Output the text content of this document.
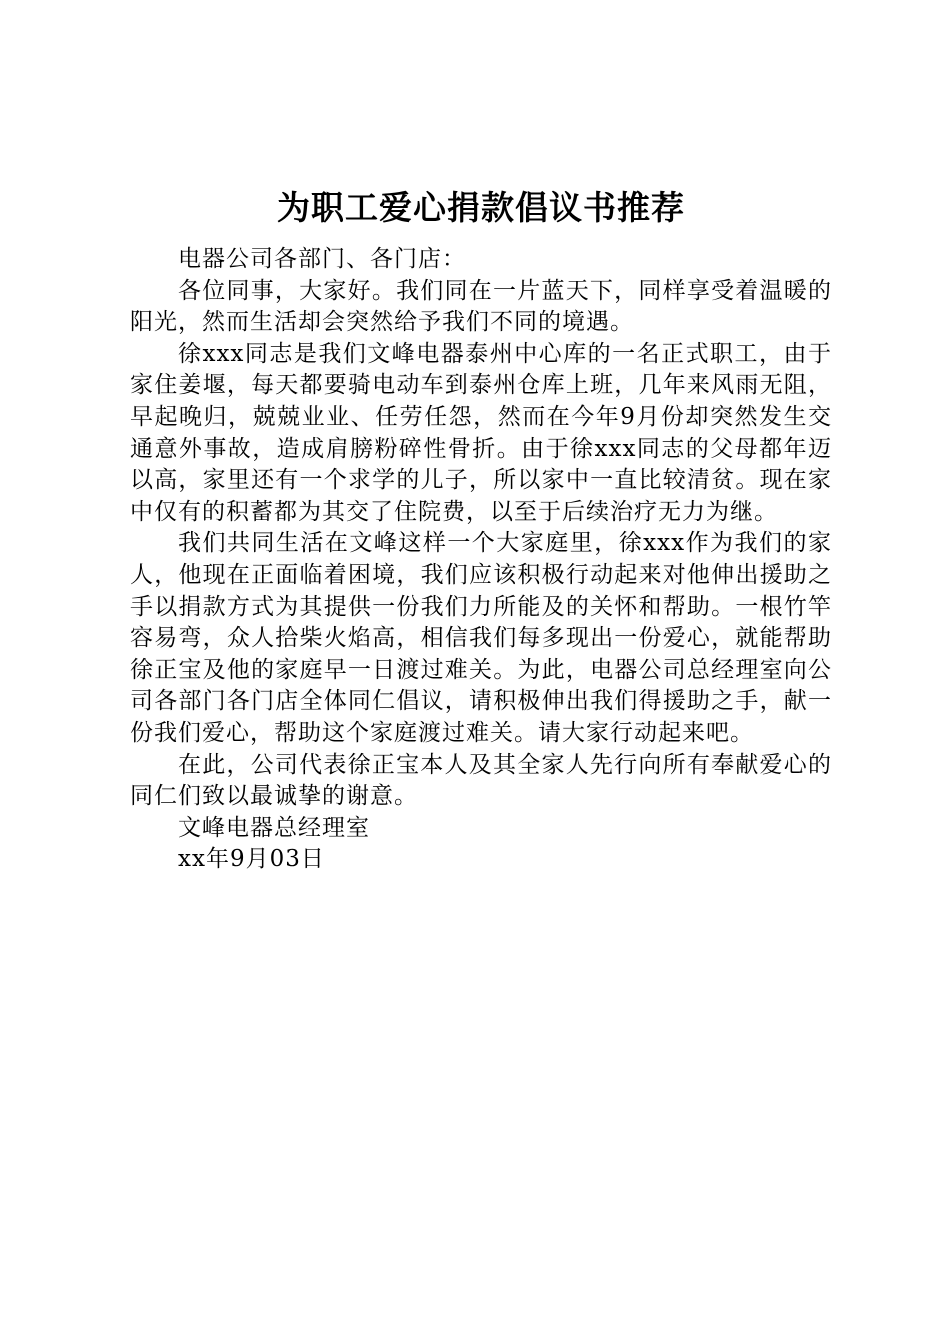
为职工爱心捐款倡议书推荐

电器公司各部门、各门店：

各位同事，大家好。我们同在一片蓝天下，同样享受着温暖的阳光，然而生活却会突然给予我们不同的境遇。

徐xxx同志是我们文峰电器泰州中心库的一名正式职工，由于家住姜堰，每天都要骑电动车到泰州仓库上班，几年来风雨无阻，早起晚归，兢兢业业、任劳任怨，然而在今年9月份却突然发生交通意外事故，造成肩膀粉碎性骨折。由于徐xxx同志的父母都年迈以高，家里还有一个求学的儿子，所以家中一直比较清贫。现在家中仅有的积蓄都为其交了住院费，以至于后续治疗无力为继。

我们共同生活在文峰这样一个大家庭里，徐xxx作为我们的家人，他现在正面临着困境，我们应该积极行动起来对他伸出援助之手以捐款方式为其提供一份我们力所能及的关怀和帮助。一根竹竿容易弯，众人拾柴火焰高，相信我们每多现出一份爱心，就能帮助徐正宝及他的家庭早一日渡过难关。为此，电器公司总经理室向公司各部门各门店全体同仁倡议，请积极伸出我们得援助之手，献一份我们爱心，帮助这个家庭渡过难关。请大家行动起来吧。

在此，公司代表徐正宝本人及其全家人先行向所有奉献爱心的同仁们致以最诚挚的谢意。

文峰电器总经理室

xx年9月03日
